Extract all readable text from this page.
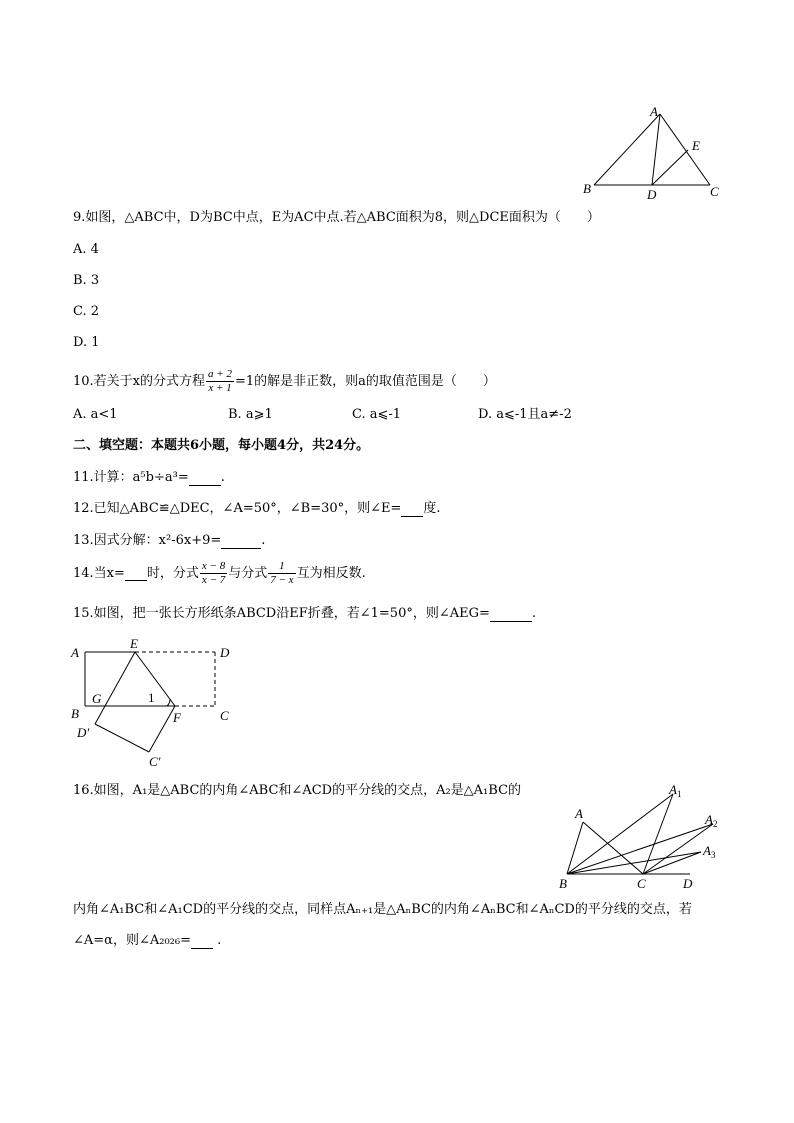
A
B	C
D
E
9.如图，△ABC中，D为BC中点，E为AC中点.若△ABC面积为8，则△DCE面积为（　　）
A. 4
B. 3
C. 2
D. 1
10.若关于x的分式方程 $\frac{a + 2}{x + 1} =1$的解是非正数，则a的取值范围是（　　）
A. a<1	B. a⩾1	C. a⩽-1	D. a⩽-1且a≠-2
二、填空题：本题共6小题，每小题4分，共24分。
11.计算：a⁵b÷a³= .
12.已知△ABC≌△DEC，∠A=50°，∠B=30°，则∠E= 度.
13.因式分解：x²-6x+9=	.
14.当x= 时，分式 $\frac{x - 8}{x - 7}$ 与分式 $\frac{1}{7 - x}$ 互为相反数.
15.如图，把一张长方形纸条ABCD沿EF折叠，若∠1=50°，则∠AEG=	.
A
E
D
G	1
B	F	C
D′
C′
16.如图，A₁是△ABC的内角∠ABC和∠ACD的平分线的交点，A₂是△A₁BC的
A
$A_1$
$A_2$
$A_3$
B	C	D
内角∠A₁BC和∠A₁CD的平分线的交点，同样点Aₙ₊₁是△AₙBC的内角∠AₙBC和∠AₙCD的平分线的交点，若
∠A=α，则∠A₂₀₂₆= .
